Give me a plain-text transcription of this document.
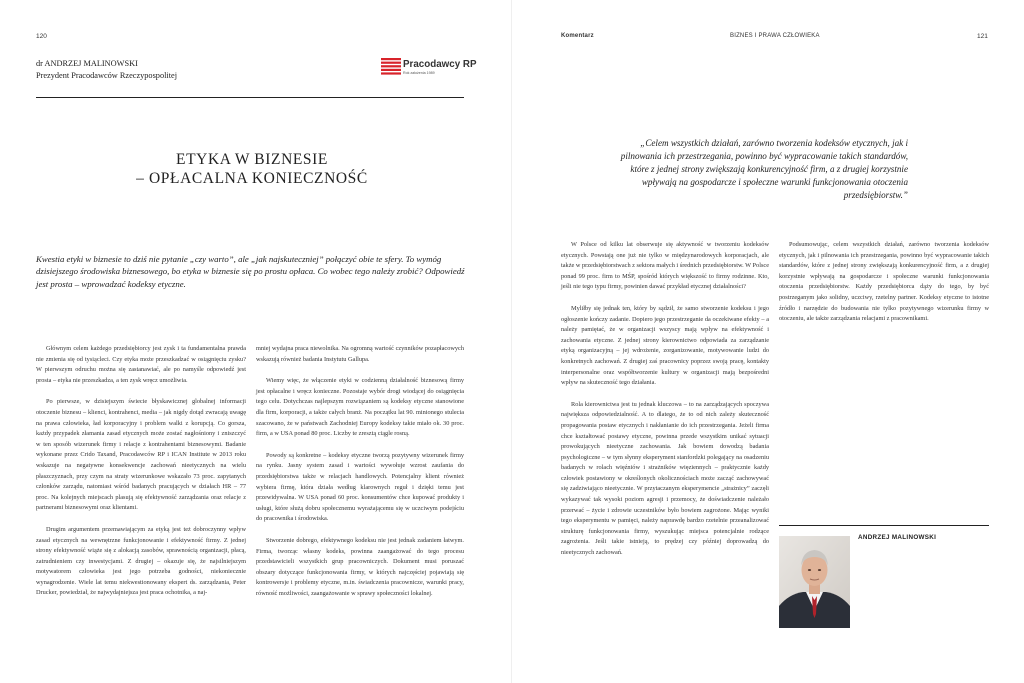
120
dr ANDRZEJ MALINOWSKI
Prezydent Pracodawców Rzeczypospolitej
Pracodawcy RP
Rok założenia 1989
ETYKA W BIZNESIE
– OPŁACALNA KONIECZNOŚĆ
Kwestia etyki w biznesie to dziś nie pytanie „czy warto”, ale „jak najskuteczniej” połączyć obie te sfery. To wymóg dzisiejszego środowiska biznesowego, bo etyka w biznesie się po prostu opłaca. Co wobec tego należy zrobić? Odpowiedź jest prosta – wprowadzać kodeksy etyczne.

Głównym celem każdego przedsiębiorcy jest zysk i ta fundamentalna prawda nie zmienia się od tysiącleci. Czy etyka może przeszkadzać w osiągnięciu zysku? W pierwszym odruchu można się zastanawiać, ale po namyśle odpowiedź jest prosta – etyka nie przeszkadza, a ten zysk wręcz umożliwia.

Po pierwsze, w dzisiejszym świecie błyskawicznej globalnej informacji otoczenie biznesu – klienci, kontrahenci, media – jak nigdy dotąd zwracają uwagę na prawa człowieka, ład korporacyjny i problem walki z korupcją. Co gorsza, każdy przypadek złamania zasad etycznych może zostać nagłośniony i zniszczyć w ten sposób wizerunek firmy i relacje z kontrahentami biznesowymi. Badanie wykonane przez Crido Taxand, Pracodawców RP i ICAN Institute w 2013 roku wskazuje na negatywne konsekwencje zachowań nieetycznych na wielu płaszczyznach, przy czym na straty wizerunkowe wskazało 73 proc. zapytanych członków zarządu, natomiast wśród badanych pracujących w działach HR – 77 proc. Na kolejnych miejscach plasują się efektywność zarządzania oraz relacje z partnerami biznesowymi oraz klientami.

Drugim argumentem przemawiającym za etyką jest też dobroczynny wpływ zasad etycznych na wewnętrzne funkcjonowanie i efektywność firmy. Z jednej strony efektywność wiąże się z alokacją zasobów, sprawnością organizacji, płacą, zatrudnieniem czy inwestycjami. Z drugiej – okazuje się, że najsilniejszym motywatorem człowieka jest jego potrzeba godności, niekoniecznie wynagrodzenie. Wiele lat temu niekwestionowany ekspert ds. zarządzania, Peter Drucker, powiedział, że najwydajniejsza jest praca ochotnika, a naj-

mniej wydajna praca niewolnika. Na ogromną wartość czynników pozapłacowych wskazują również badania Instytutu Gallupa.

Wiemy więc, że włączenie etyki w codzienną działalność biznesową firmy jest opłacalne i wręcz konieczne. Pozostaje wybór drogi wiodącej do osiągnięcia tego celu. Dotychczas najlepszym rozwiązaniem są kodeksy etyczne stanowione dla firm, korporacji, a także całych branż. Na początku lat 90. minionego stulecia szacowano, że w państwach Zachodniej Europy kodeksy takie miało ok. 30 proc. firm, a w USA ponad 80 proc. Liczby te zresztą ciągle rosną.

Powody są konkretne – kodeksy etyczne tworzą pozytywny wizerunek firmy na rynku. Jasny system zasad i wartości wywołuje wzrost zaufania do przedsiębiorstwa także w relacjach handlowych. Potencjalny klient również wybiera firmę, która działa według klarownych reguł i dzięki temu jest przewidywalna. W USA ponad 60 proc. konsumentów chce kupować produkty i usługi, które służą dobru społecznemu wyrażającemu się w uczciwym podejściu do pracownika i środowiska.

Stworzenie dobrego, efektywnego kodeksu nie jest jednak zadaniem łatwym. Firma, tworząc własny kodeks, powinna zaangażować do tego procesu przedstawicieli wszystkich grup pracowniczych. Dokument musi poruszać obszary dotyczące funkcjonowania firmy, w których najczęściej pojawiają się kontrowersje i problemy etyczne, m.in. świadczenia pracownicze, warunki pracy, równość możliwości, zaangażowanie w sprawy społeczności lokalnej.

Komentarz	BIZNES I PRAWA CZŁOWIEKA	121
„Celem wszystkich działań, zarówno tworzenia kodeksów etycznych, jak i pilnowania ich przestrzegania, powinno być wypracowanie takich standardów, które z jednej strony zwiększają konkurencyjność firm, a z drugiej korzystnie wpływają na gospodarcze i społeczne warunki funkcjonowania otoczenia przedsiębiorstw.”

W Polsce od kilku lat obserwuje się aktywność w tworzeniu kodeksów etycznych. Powstają one już nie tylko w międzynarodowych korporacjach, ale także w przedsiębiorstwach z sektora małych i średnich przedsiębiorstw. W Polsce ponad 99 proc. firm to MŚP, spośród których większość to firmy rodzinne. Kto, jeśli nie tego typu firmy, powinien dawać przykład etycznej działalności?

Myliłby się jednak ten, który by sądził, że samo stworzenie kodeksu i jego ogłoszenie kończy zadanie. Dopiero jego przestrzeganie da oczekiwane efekty – a należy pamiętać, że w organizacji wszyscy mają wpływ na efektywność i zachowania etyczne. Z jednej strony kierownictwo odpowiada za zarządzanie etyką organizacyjną – jej wdrożenie, zorganizowanie, motywowanie ludzi do konkretnych zachowań. Z drugiej zaś pracownicy poprzez swoją pracę, kontakty interpersonalne oraz współtworzenie kultury w organizacji mają bezpośredni wpływ na skuteczność tego działania.

Rola kierownictwa jest tu jednak kluczowa – to na zarządzających spoczywa największa odpowiedzialność. A to dlatego, że to od nich zależy skuteczność propagowania postaw etycznych i nakłanianie do ich przestrzegania. Jeżeli firma chce kształtować postawy etyczne, powinna przede wszystkim unikać sytuacji prowokujących nieetyczne zachowania. Jak bowiem dowodzą badania psychologiczne – w tym słynny eksperyment stanfordzki polegający na osadzeniu badanych w rolach więźniów i strażników więziennych – praktycznie każdy człowiek postawiony w określonych okolicznościach może zacząć zachowywać się zadziwiająco nieetycznie. W przytaczanym eksperymencie „strażnicy” zaczęli wykazywać tak wysoki poziom agresji i przemocy, że doświadczenie należało przerwać – życie i zdrowie uczestników było bowiem zagrożone. Mając wyniki tego eksperymentu w pamięci, należy naprawdę bardzo rzetelnie przeanalizować strukturę funkcjonowania firmy, wyszukując miejsca potencjalnie rodzące zagrożenia. Jeśli takie istnieją, to prędzej czy później doprowadzą do nieetycznych zachowań.

Podsumowując, celem wszystkich działań, zarówno tworzenia kodeksów etycznych, jak i pilnowania ich przestrzegania, powinno być wypracowanie takich standardów, które z jednej strony zwiększają konkurencyjność firm, a z drugiej korzystnie wpływają na gospodarcze i społeczne warunki funkcjonowania otoczenia przedsiębiorstw. Każdy przedsiębiorca dąży do tego, by być postrzeganym jako solidny, uczciwy, rzetelny partner. Kodeksy etyczne to istotne źródło i narzędzie do budowania nie tylko pozytywnego wizerunku firmy w otoczeniu, ale także zarządzania relacjami z pracownikami.

ANDRZEJ MALINOWSKI
